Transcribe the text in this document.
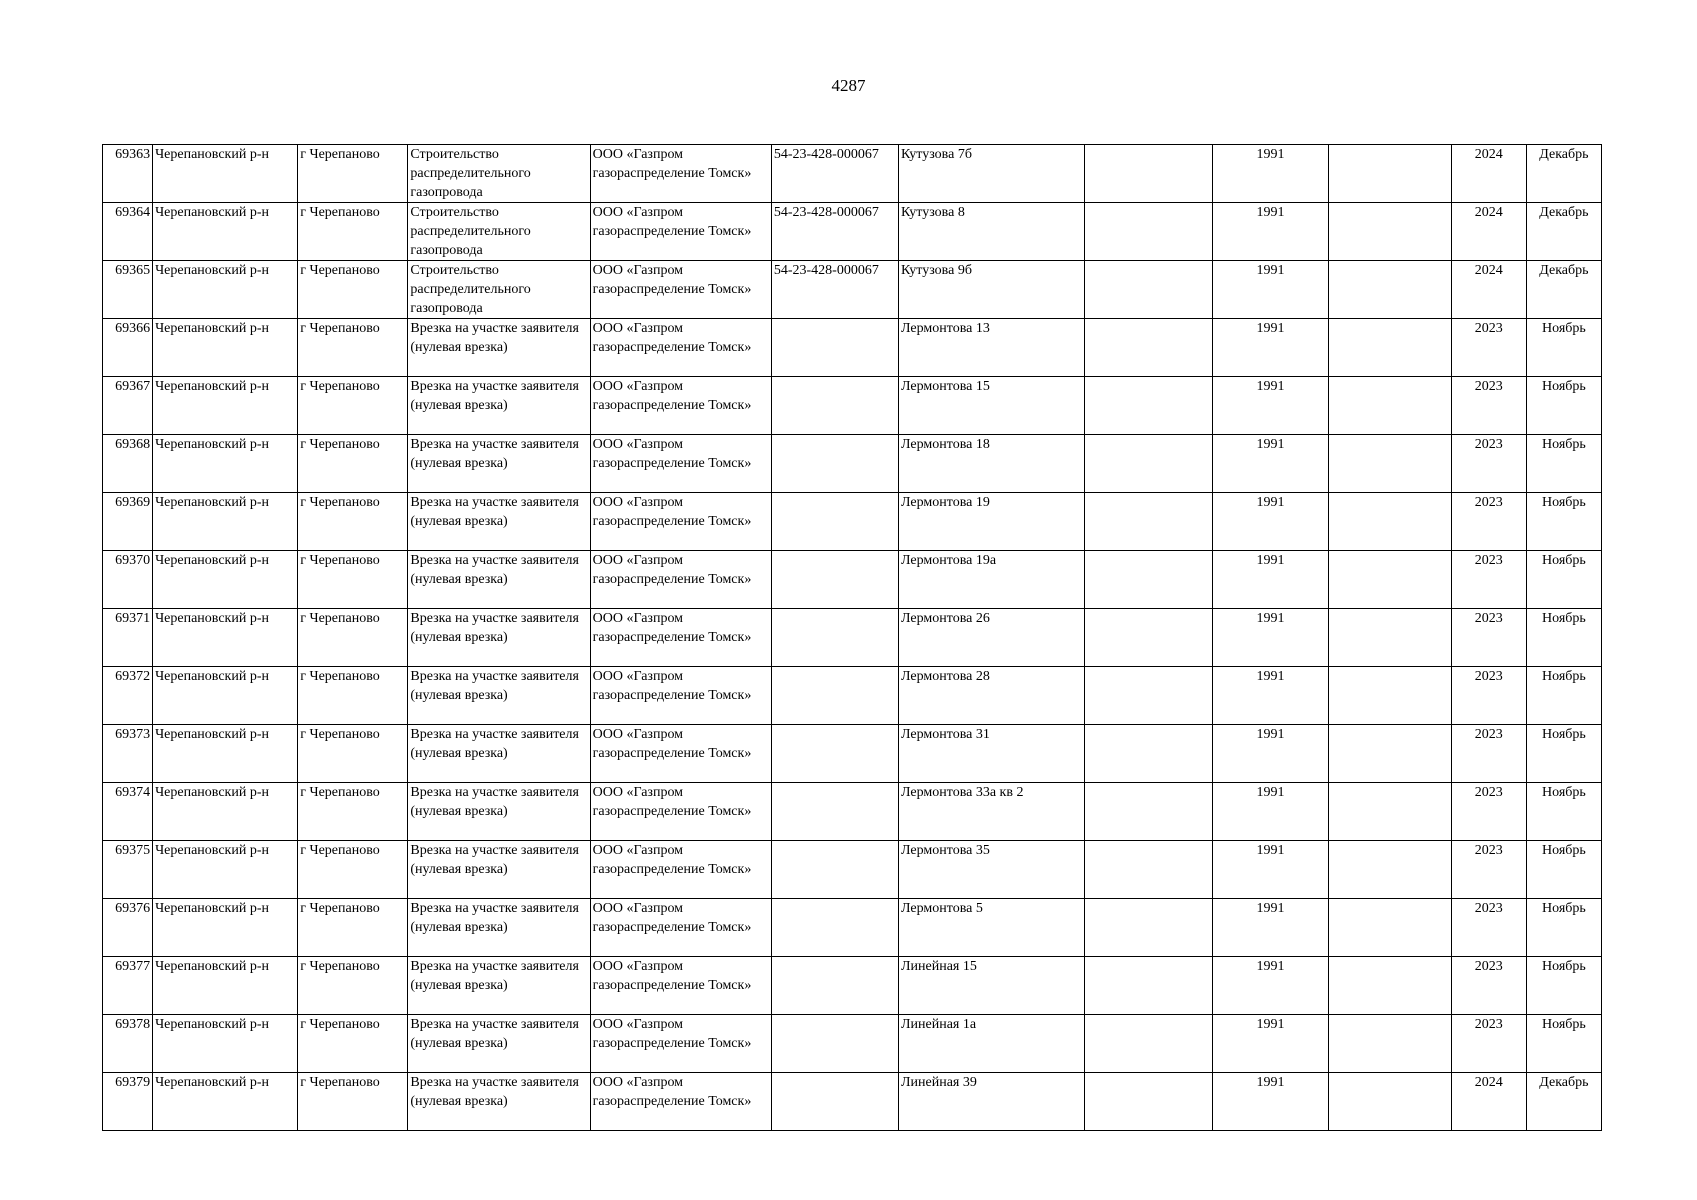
4287
69363	Черепановский р-н	г Черепаново	Строительство распределительного газопровода	ООО «Газпром газораспределение Томск»	54-23-428-000067	Кутузова 7б		1991		2024	Декабрь
69364	Черепановский р-н	г Черепаново	Строительство распределительного газопровода	ООО «Газпром газораспределение Томск»	54-23-428-000067	Кутузова 8		1991		2024	Декабрь
69365	Черепановский р-н	г Черепаново	Строительство распределительного газопровода	ООО «Газпром газораспределение Томск»	54-23-428-000067	Кутузова 9б		1991		2024	Декабрь
69366	Черепановский р-н	г Черепаново	Врезка на участке заявителя (нулевая врезка)	ООО «Газпром газораспределение Томск»		Лермонтова 13		1991		2023	Ноябрь
69367	Черепановский р-н	г Черепаново	Врезка на участке заявителя (нулевая врезка)	ООО «Газпром газораспределение Томск»		Лермонтова 15		1991		2023	Ноябрь
69368	Черепановский р-н	г Черепаново	Врезка на участке заявителя (нулевая врезка)	ООО «Газпром газораспределение Томск»		Лермонтова 18		1991		2023	Ноябрь
69369	Черепановский р-н	г Черепаново	Врезка на участке заявителя (нулевая врезка)	ООО «Газпром газораспределение Томск»		Лермонтова 19		1991		2023	Ноябрь
69370	Черепановский р-н	г Черепаново	Врезка на участке заявителя (нулевая врезка)	ООО «Газпром газораспределение Томск»		Лермонтова 19а		1991		2023	Ноябрь
69371	Черепановский р-н	г Черепаново	Врезка на участке заявителя (нулевая врезка)	ООО «Газпром газораспределение Томск»		Лермонтова 26		1991		2023	Ноябрь
69372	Черепановский р-н	г Черепаново	Врезка на участке заявителя (нулевая врезка)	ООО «Газпром газораспределение Томск»		Лермонтова 28		1991		2023	Ноябрь
69373	Черепановский р-н	г Черепаново	Врезка на участке заявителя (нулевая врезка)	ООО «Газпром газораспределение Томск»		Лермонтова 31		1991		2023	Ноябрь
69374	Черепановский р-н	г Черепаново	Врезка на участке заявителя (нулевая врезка)	ООО «Газпром газораспределение Томск»		Лермонтова 33а кв 2		1991		2023	Ноябрь
69375	Черепановский р-н	г Черепаново	Врезка на участке заявителя (нулевая врезка)	ООО «Газпром газораспределение Томск»		Лермонтова 35		1991		2023	Ноябрь
69376	Черепановский р-н	г Черепаново	Врезка на участке заявителя (нулевая врезка)	ООО «Газпром газораспределение Томск»		Лермонтова 5		1991		2023	Ноябрь
69377	Черепановский р-н	г Черепаново	Врезка на участке заявителя (нулевая врезка)	ООО «Газпром газораспределение Томск»		Линейная 15		1991		2023	Ноябрь
69378	Черепановский р-н	г Черепаново	Врезка на участке заявителя (нулевая врезка)	ООО «Газпром газораспределение Томск»		Линейная 1а		1991		2023	Ноябрь
69379	Черепановский р-н	г Черепаново	Врезка на участке заявителя (нулевая врезка)	ООО «Газпром газораспределение Томск»		Линейная 39		1991		2024	Декабрь
